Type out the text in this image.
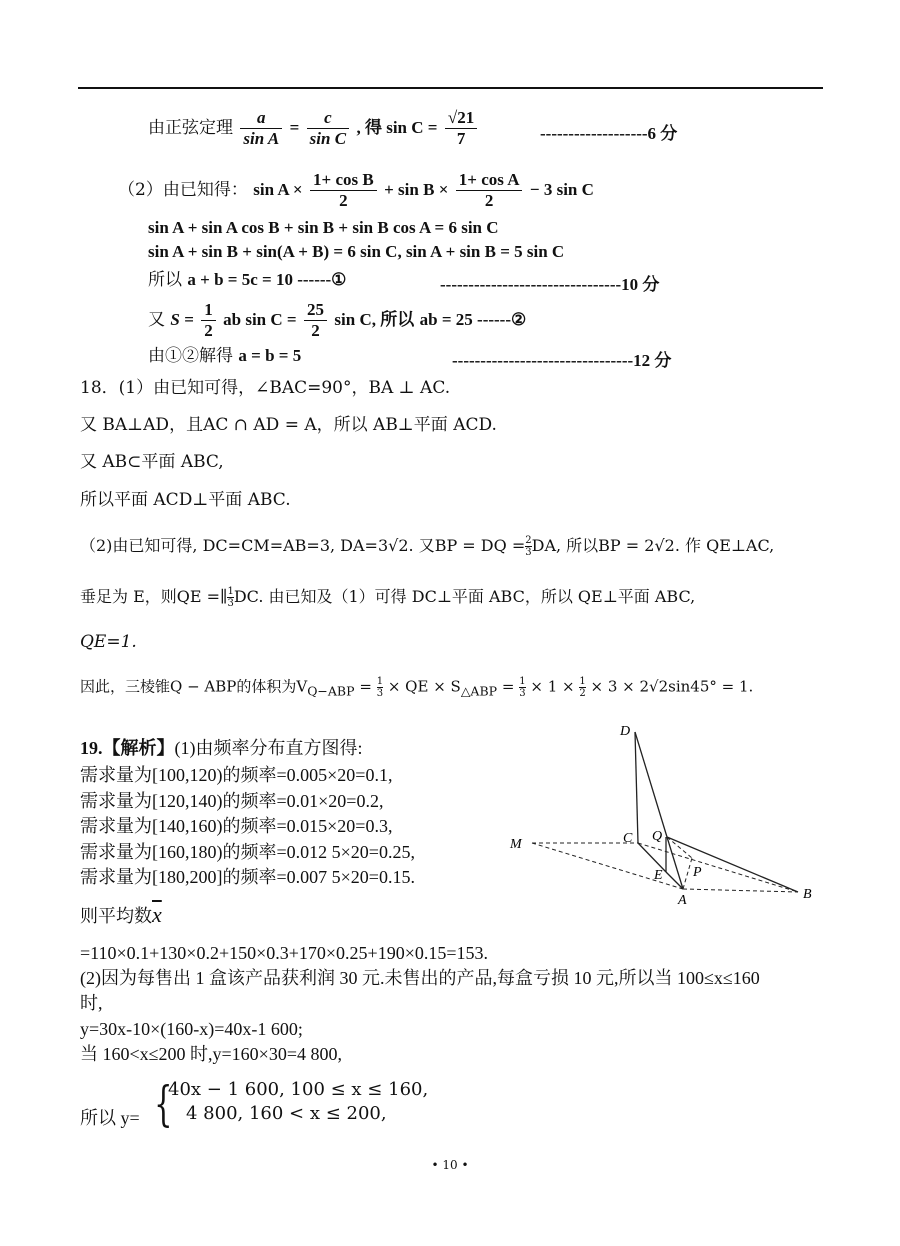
由正弦定理 $\frac{a}{\text{sin A}} = \frac{c}{\text{sin C}}$ , 得 $\sin C = \frac{√21}{7}$	-------------------6 分
（2）由已知得： $\sin A \times \frac{\text{1+ cos B}}{2} + \sin B \times \frac{\text{1+ cos A}}{2} - 3$ sin C
sin A + sin A cos B + sin B + sin B cos A = 6 sin C
sin A + sin B + sin(A + B) = 6 sin C, sin A + sin B = 5 sin C
所以 a + b = 5c = 10 ------①	--------------------------------10 分
又 $S = \frac{1}{2}$ ab $\sin C = \frac{25}{2}$ sin C, 所以 ab = 25 ------②
由①②解得 a = b = 5	--------------------------------12 分
18．(1）由已知可得，∠BAC=90°，BA ⊥ AC.
又 BA⊥AD，且AC ∩ AD = A，所以 AB⊥平面 ACD.
又 AB⊂平面 ABC,
所以平面 ACD⊥平面 ABC.
（2)由已知可得, DC=CM=AB=3, DA=3√2. 又BP = DQ = $\frac{2}{3}$ DA, 所以BP = 2√2. 作 QE⊥AC,
垂足为 E，则QE =∥ $\frac{1}{3}$ DC. 由已知及（1）可得 DC⊥平面 ABC，所以 QE⊥平面 ABC,
QE=1.
因此，三棱锥Q − ABP的体积为$V_{Q-ABP} = \frac{1}{3}$ × QE × $S_{\triangle ABP} = \frac{1}{3} \times 1 \times \frac{1}{2} \times 3 \times 2√2\sin 45^\circ = 1$.
D
C Q
M
E P
A	B
19.【解析】(1)由频率分布直方图得:
需求量为[100,120)的频率=0.005×20=0.1,
需求量为[120,140)的频率=0.01×20=0.2,
需求量为[140,160)的频率=0.015×20=0.3,
需求量为[160,180)的频率=0.012 5×20=0.25,
需求量为[180,200]的频率=0.007 5×20=0.15.
则平均数$\overline{x}$
=110×0.1+130×0.2+150×0.3+170×0.25+190×0.15=153.
(2)因为每售出 1 盒该产品获利润 30 元.未售出的产品,每盒亏损 10 元,所以当 100≤x≤160
时,
y=30x-10×(160-x)=40x-1 600;
当 160<x≤200 时,y=160×30=4 800,
所以 y= {
40x − 1 600, 100 ≤ x ≤ 160,
4 800, 160 < x ≤ 200,
• 10 •
